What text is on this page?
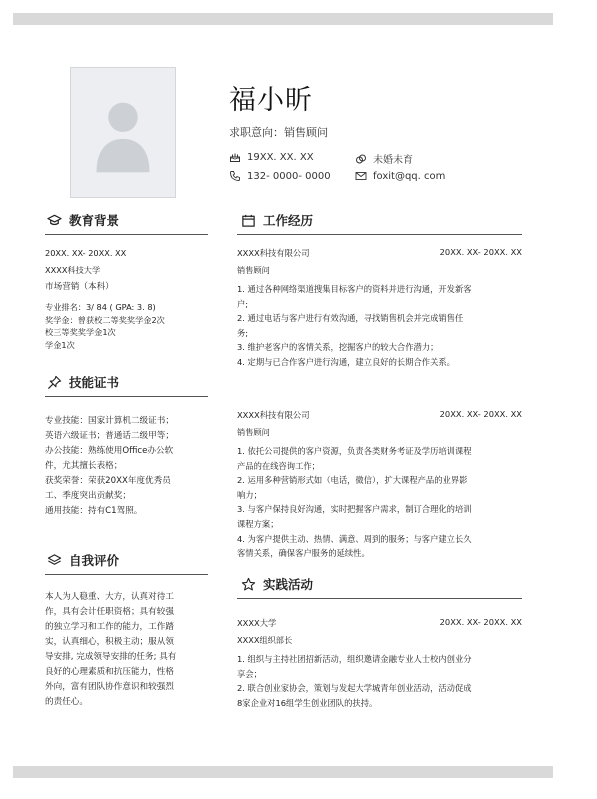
福小昕
求职意向：销售顾问
19XX. XX. XX	未婚未育
132- 0000- 0000	foxit@qq. com
教育背景
20XX. XX- 20XX. XX
XXXX科技大学
市场营销（本科）
专业排名：3/ 84 ( GPA: 3. 8)
奖学金：曾获校二等奖奖学金2次
校三等奖奖学金1次
学金1次
技能证书
专业技能：国家计算机二级证书；
英语六级证书；普通话二级甲等；
办公技能：熟练使用Office办公软
件，尤其擅长表格；
获奖荣誉：荣获20XX年度优秀员
工、季度突出贡献奖；
通用技能：持有C1驾照。
自我评价
本人为人稳重、大方，认真对待工
作，具有会计任职资格；具有较强
的独立学习和工作的能力，工作踏
实，认真细心，积极主动；服从领
导安排, 完成领导安排的任务; 具有
良好的心理素质和抗压能力，性格
外向，富有团队协作意识和较强烈
的责任心。
工作经历
XXXX科技有限公司	20XX. XX- 20XX. XX
销售顾问
1. 通过各种网络渠道搜集目标客户的资料并进行沟通，开发新客
户;
2. 通过电话与客户进行有效沟通，寻找销售机会并完成销售任
务;
3. 维护老客户的客情关系，挖掘客户的较大合作潜力；
4. 定期与已合作客户进行沟通，建立良好的长期合作关系。
XXXX科技有限公司	20XX. XX- 20XX. XX
销售顾问
1. 依托公司提供的客户资源，负责各类财务考证及学历培训课程
产品的在线咨询工作；
2. 运用多种营销形式如（电话，微信），扩大课程产品的业界影
响力；
3. 与客户保持良好沟通，实时把握客户需求，制订合理化的培训
课程方案；
4. 为客户提供主动、热情、满意、周到的服务；与客户建立长久
客情关系，确保客户服务的延续性。
实践活动
XXXX大学	20XX. XX- 20XX. XX
XXXX组织部长
1. 组织与主持社团招新活动，组织邀请金融专业人士校内创业分
享会；
2. 联合创业家协会，策划与发起大学城青年创业活动，活动促成
8家企业对16组学生创业团队的扶持。
